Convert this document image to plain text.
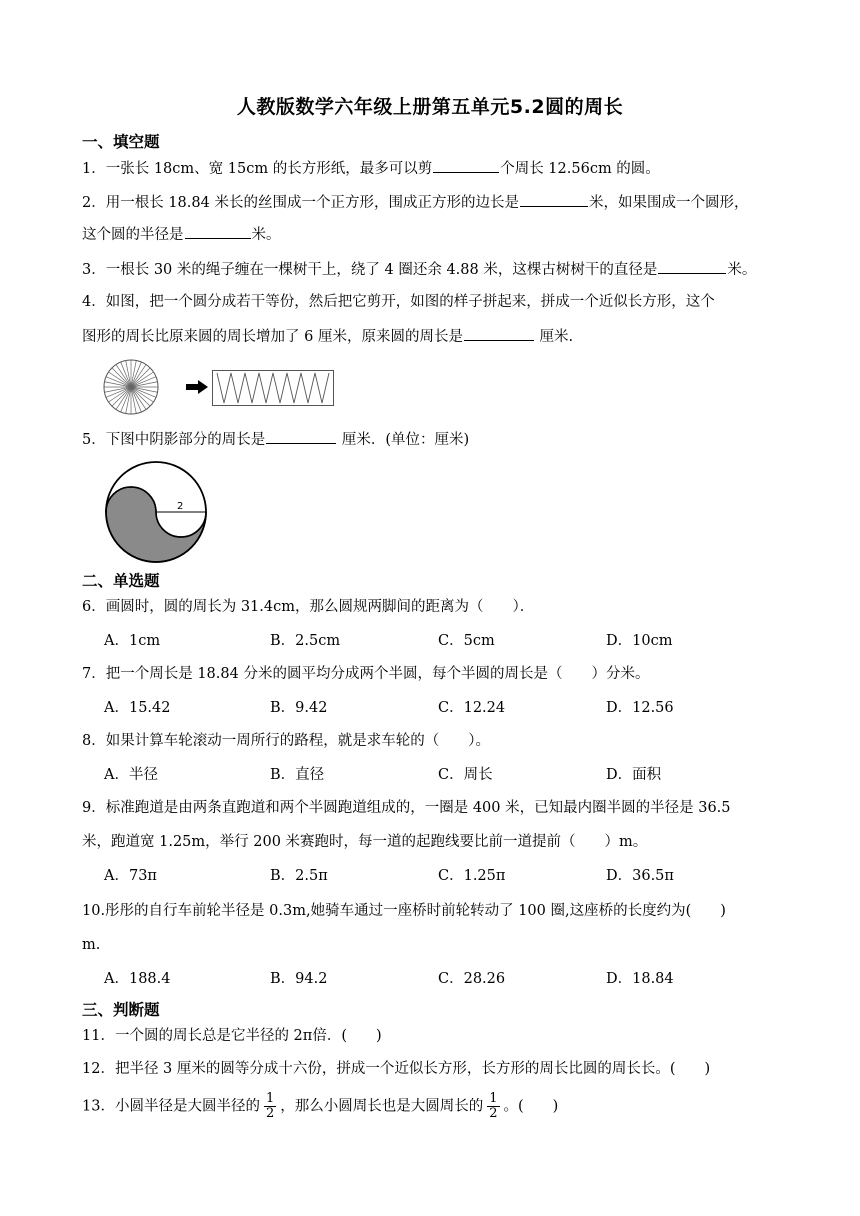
人教版数学六年级上册第五单元5.2圆的周长
一、填空题
1．一张长 18cm、宽 15cm 的长方形纸，最多可以剪	个周长 12.56cm 的圆。
2．用一根长 18.84 米长的丝围成一个正方形，围成正方形的边长是	米，如果围成一个圆形，
这个圆的半径是	米。
3．一根长 30 米的绳子缠在一棵树干上，绕了 4 圈还余 4.88 米，这棵古树树干的直径是	米。
4．如图，把一个圆分成若干等份，然后把它剪开，如图的样子拼起来，拼成一个近似长方形，这个
图形的周长比原来圆的周长增加了 6 厘米，原来圆的周长是	厘米.
5．下图中阴影部分的周长是	厘米．(单位：厘米)
2
二、单选题
6．画圆时，圆的周长为 31.4cm，那么圆规两脚间的距离为（　　）．
A．1cm	B．2.5cm	C．5cm	D．10cm
7．把一个周长是 18.84 分米的圆平均分成两个半圆，每个半圆的周长是（　　）分米。
A．15.42	B．9.42	C．12.24	D．12.56
8．如果计算车轮滚动一周所行的路程，就是求车轮的（　　）。
A．半径	B．直径	C．周长	D．面积
9．标准跑道是由两条直跑道和两个半圆跑道组成的，一圈是 400 米，已知最内圈半圆的半径是 36.5
米，跑道宽 1.25m，举行 200 米赛跑时，每一道的起跑线要比前一道提前（　　）m。
A．73π	B．2.5π	C．1.25π	D．36.5π
10.彤彤的自行车前轮半径是 0.3m,她骑车通过一座桥时前轮转动了 100 圈,这座桥的长度约为(　　)
m.
A．188.4	B．94.2	C．28.26	D．18.84
三、判断题
11．一个圆的周长总是它半径的 2π倍．(　　)
12．把半径 3 厘米的圆等分成十六份，拼成一个近似长方形，长方形的周长比圆的周长长。(　　)
13．小圆半径是大圆半径的 $\frac{1}{2}$ ，那么小圆周长也是大圆周长的 $\frac{1}{2}$ 。(　　)
